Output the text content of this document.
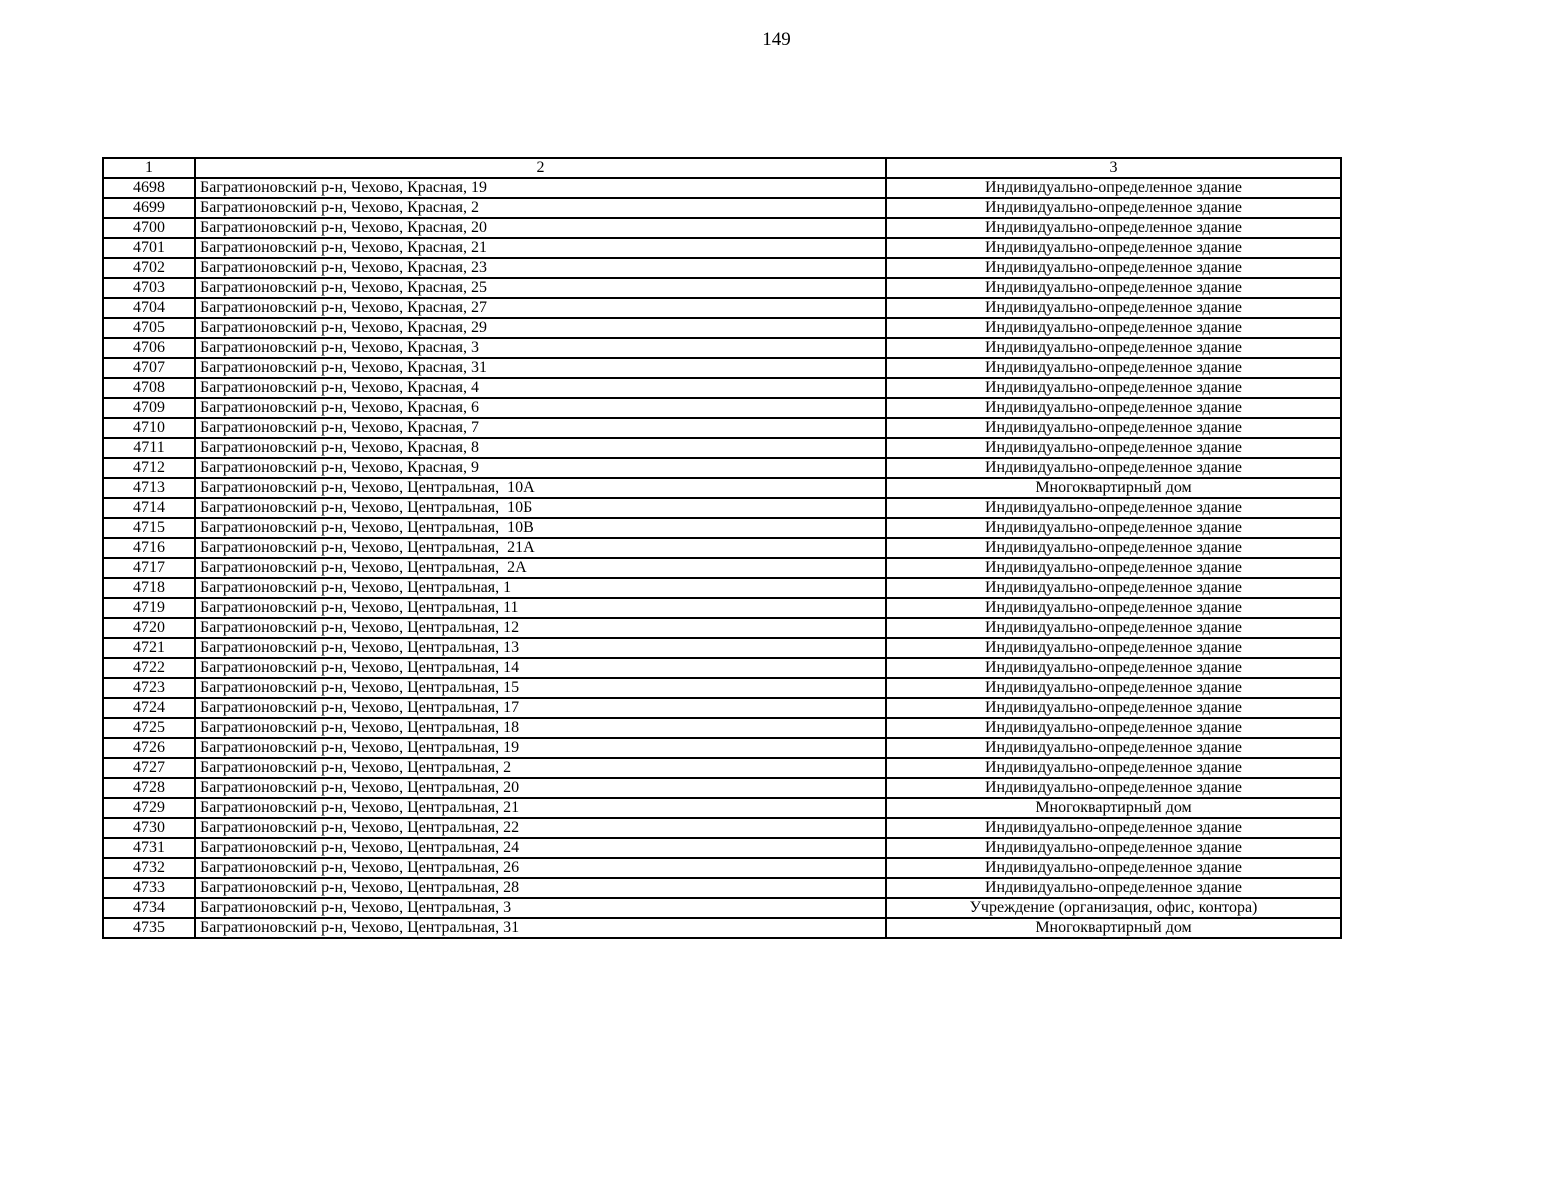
149
1	2	3
4698	Багратионовский р-н, Чехово, Красная, 19	Индивидуально-определенное здание
4699	Багратионовский р-н, Чехово, Красная, 2	Индивидуально-определенное здание
4700	Багратионовский р-н, Чехово, Красная, 20	Индивидуально-определенное здание
4701	Багратионовский р-н, Чехово, Красная, 21	Индивидуально-определенное здание
4702	Багратионовский р-н, Чехово, Красная, 23	Индивидуально-определенное здание
4703	Багратионовский р-н, Чехово, Красная, 25	Индивидуально-определенное здание
4704	Багратионовский р-н, Чехово, Красная, 27	Индивидуально-определенное здание
4705	Багратионовский р-н, Чехово, Красная, 29	Индивидуально-определенное здание
4706	Багратионовский р-н, Чехово, Красная, 3	Индивидуально-определенное здание
4707	Багратионовский р-н, Чехово, Красная, 31	Индивидуально-определенное здание
4708	Багратионовский р-н, Чехово, Красная, 4	Индивидуально-определенное здание
4709	Багратионовский р-н, Чехово, Красная, 6	Индивидуально-определенное здание
4710	Багратионовский р-н, Чехово, Красная, 7	Индивидуально-определенное здание
4711	Багратионовский р-н, Чехово, Красная, 8	Индивидуально-определенное здание
4712	Багратионовский р-н, Чехово, Красная, 9	Индивидуально-определенное здание
4713	Багратионовский р-н, Чехово, Центральная,  10А	Многоквартирный дом
4714	Багратионовский р-н, Чехово, Центральная,  10Б	Индивидуально-определенное здание
4715	Багратионовский р-н, Чехово, Центральная,  10В	Индивидуально-определенное здание
4716	Багратионовский р-н, Чехово, Центральная,  21А	Индивидуально-определенное здание
4717	Багратионовский р-н, Чехово, Центральная,  2А	Индивидуально-определенное здание
4718	Багратионовский р-н, Чехово, Центральная, 1	Индивидуально-определенное здание
4719	Багратионовский р-н, Чехово, Центральная, 11	Индивидуально-определенное здание
4720	Багратионовский р-н, Чехово, Центральная, 12	Индивидуально-определенное здание
4721	Багратионовский р-н, Чехово, Центральная, 13	Индивидуально-определенное здание
4722	Багратионовский р-н, Чехово, Центральная, 14	Индивидуально-определенное здание
4723	Багратионовский р-н, Чехово, Центральная, 15	Индивидуально-определенное здание
4724	Багратионовский р-н, Чехово, Центральная, 17	Индивидуально-определенное здание
4725	Багратионовский р-н, Чехово, Центральная, 18	Индивидуально-определенное здание
4726	Багратионовский р-н, Чехово, Центральная, 19	Индивидуально-определенное здание
4727	Багратионовский р-н, Чехово, Центральная, 2	Индивидуально-определенное здание
4728	Багратионовский р-н, Чехово, Центральная, 20	Индивидуально-определенное здание
4729	Багратионовский р-н, Чехово, Центральная, 21	Многоквартирный дом
4730	Багратионовский р-н, Чехово, Центральная, 22	Индивидуально-определенное здание
4731	Багратионовский р-н, Чехово, Центральная, 24	Индивидуально-определенное здание
4732	Багратионовский р-н, Чехово, Центральная, 26	Индивидуально-определенное здание
4733	Багратионовский р-н, Чехово, Центральная, 28	Индивидуально-определенное здание
4734	Багратионовский р-н, Чехово, Центральная, 3	Учреждение (организация, офис, контора)
4735	Багратионовский р-н, Чехово, Центральная, 31	Многоквартирный дом
